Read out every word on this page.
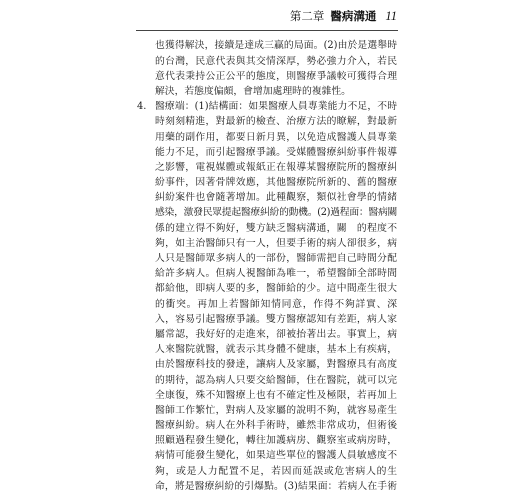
第二章 醫病溝通 11
也獲得解決，接續是達成三贏的局面。(2)由於是選舉時
的台灣，民意代表與其交情深厚，勢必強力介入，若民
意代表秉持公正公平的態度，則醫療爭議較可獲得合理
解決，若態度偏頗，會增加處理時的複雜性。
4. 醫療端：(1)結構面：如果醫療人員專業能力不足，不時
時刻刻精進，對最新的檢查、治療方法的瞭解，對最新
用藥的副作用，都要日新月異，以免造成醫護人員專業
能力不足，而引起醫療爭議。受媒體醫療糾紛事件報導
之影響，電視媒體或報紙正在報導某醫療院所的醫療糾
紛事件，因著骨牌效應，其他醫療院所新的、舊的醫療
糾紛案件也會隨著增加。此種觀察，類似社會學的情緒
感染，激發民眾提起醫療糾紛的動機。(2)過程面：醫病關
係的建立得不夠好，雙方缺乏醫病溝通，關　的程度不
夠，如主治醫師只有一人，但要手術的病人卻很多，病
人只是醫師眾多病人的一部份，醫師需把自己時間分配
給許多病人。但病人視醫師為唯一，希望醫師全部時間
都給他，即病人要的多，醫師給的少。這中間產生很大
的衝突。再加上若醫師知情同意，作得不夠詳實、深
入，容易引起醫療爭議。雙方醫療認知有差距，病人家
屬常認，我好好的走進來，卻被抬著出去。事實上，病
人來醫院就醫，就表示其身體不健康，基本上有疾病，
由於醫療科技的發達，讓病人及家屬，對醫療具有高度
的期待，認為病人只要交給醫師，住在醫院，就可以完
全康復，殊不知醫療上也有不確定性及極限，若再加上
醫師工作繁忙，對病人及家屬的說明不夠，就容易產生
醫療糾紛。病人在外科手術時，雖然非常成功，但術後
照顧過程發生變化，轉往加護病房、觀察室或病房時，
病情可能發生變化，如果這些單位的醫護人員敏感度不
夠，或是人力配置不足，若因而延誤或危害病人的生
命，將是醫療糾紛的引爆點。(3)結果面：若病人在手術
